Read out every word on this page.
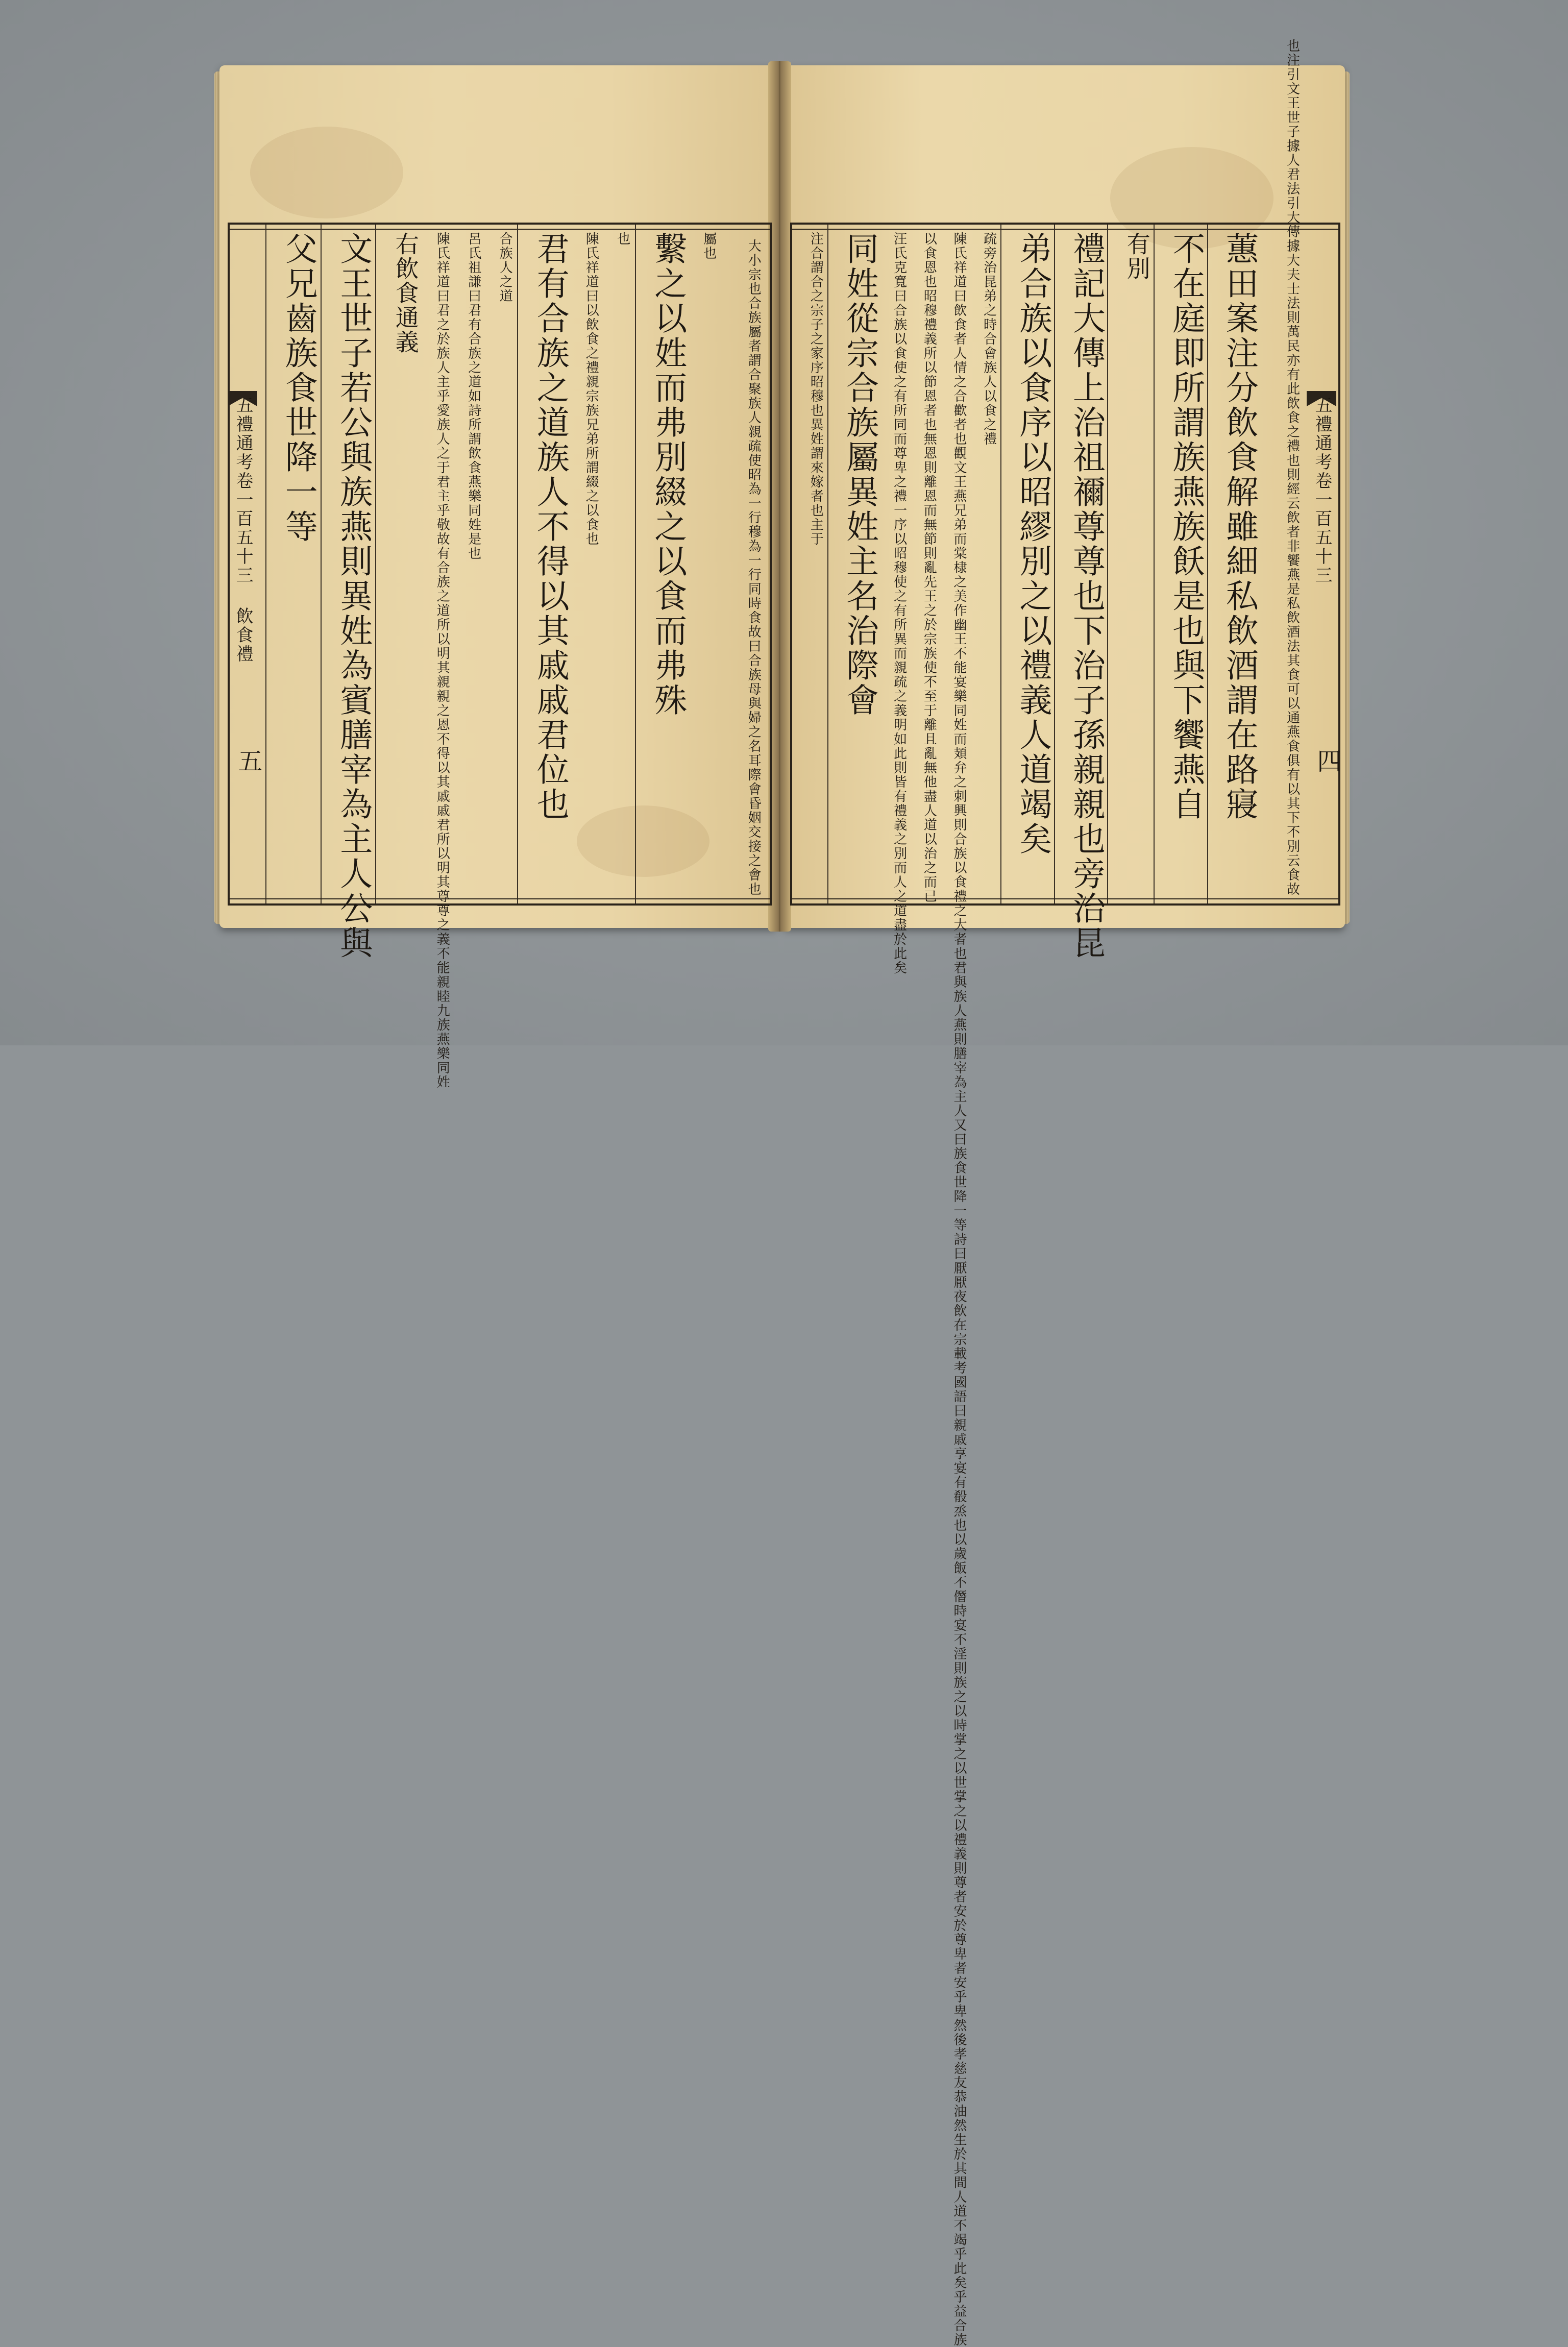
母與婦之名耳際會昏姻交接之會也
大小宗也合族屬者謂合聚族人親疏使昭為一行穆為一行同時食故曰合族
屬也
繫之以姓而弗別綴之以食而弗殊
也
陳氏祥道曰以飲食之禮親宗族兄弟所謂綴之以食也
君有合族之道族人不得以其戚戚君位也
合族人之道
呂氏祖謙曰君有合族之道如詩所謂飲食燕樂同姓是也
陳氏祥道曰君之於族人主乎愛族人之于君主乎敬故有合族之道所以明其親親之恩不得以其戚戚君所以明其尊尊之義不能親睦九族燕樂同姓
右飲食通義
文王世子若公與族燕則異姓為賓膳宰為主人公與
父兄齒族食世降一等
則經云飲者非饗燕是私飲酒法其食可以通燕食俱有以其下不別云食故
也注引文王世子據人君法引大傳據大夫士法則萬民亦有此飲食之禮也
蕙田案注分飲食解雖細私飲酒謂在路寢
不在庭即所謂族燕族飫是也與下饗燕自
有別
禮記大傳上治祖禰尊尊也下治子孫親親也旁治昆
弟合族以食序以昭繆別之以禮義人道竭矣
疏旁治昆弟之時合會族人以食之禮
陳氏祥道曰飲食者人情之合歡者也觀文王燕兄弟而棠棣之美作幽王不能宴樂同姓而頍弁之刺興則合族以食禮之大者也君與族人燕則膳宰為主人又曰族食世降一等詩曰厭厭夜飲在宗載考國語曰親戚享宴有殽烝也以歲飯不僭時宴不淫則族之以時掌之以世掌之以禮義則尊者安於尊卑者安乎卑然後孝慈友恭油然生於其間人道不竭乎此矣乎益合族
以食恩也昭穆禮義所以節恩者也無恩則離恩而無節則亂先王之於宗族使不至于離且亂無他盡人道以治之而已
汪氏克寬曰合族以食使之有所同而尊卑之禮一序以昭穆使之有所異而親疏之義明如此則皆有禮義之別而人之道盡於此矣
同姓從宗合族屬異姓主名治際會
注合謂合之宗子之家序昭穆也異姓謂來嫁者也主于
五禮通考卷一百五十三 飲食禮
五
五禮通考卷一百五十三
四
